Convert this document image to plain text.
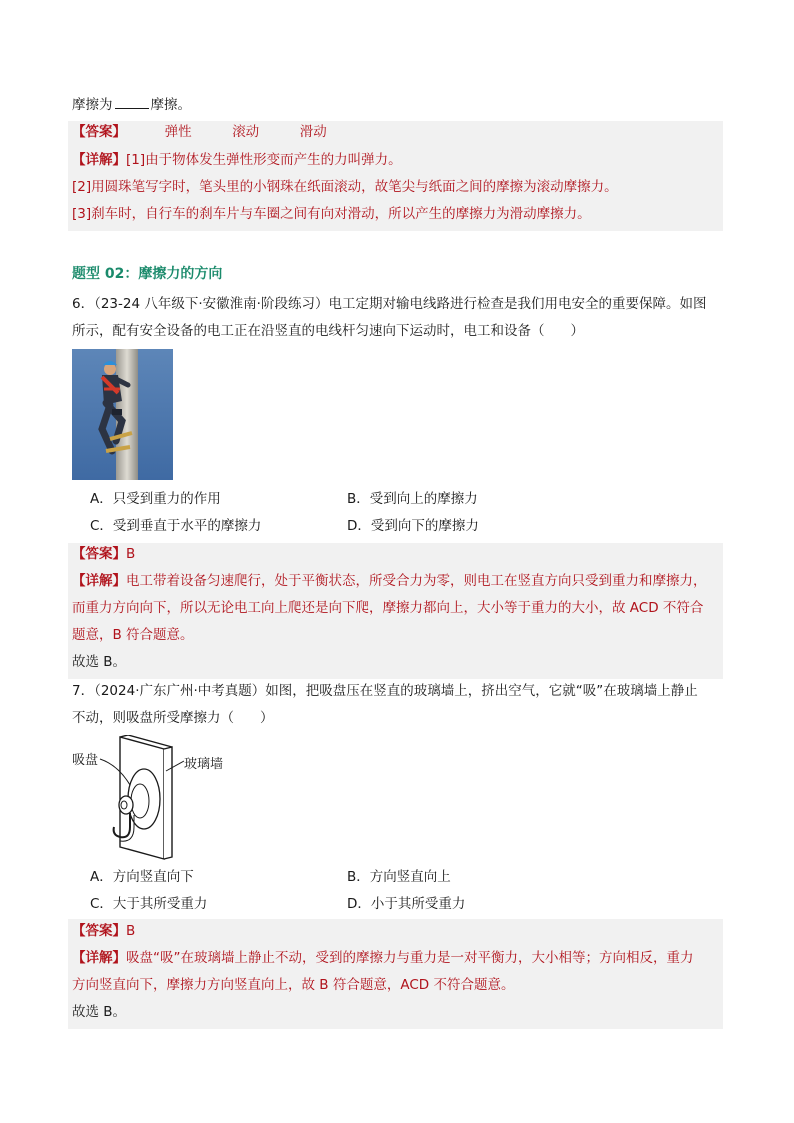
摩擦为	摩擦。
【答案】	弹性	滚动	滑动
【详解】[1]由于物体发生弹性形变而产生的力叫弹力。
[2]用圆珠笔写字时，笔头里的小钢珠在纸面滚动，故笔尖与纸面之间的摩擦为滚动摩擦力。
[3]刹车时，自行车的刹车片与车圈之间有向对滑动，所以产生的摩擦力为滑动摩擦力。
题型 02：摩擦力的方向
6．（23-24 八年级下·安徽淮南·阶段练习）电工定期对输电线路进行检查是我们用电安全的重要保障。如图
所示，配有安全设备的电工正在沿竖直的电线杆匀速向下运动时，电工和设备（ ）
A．只受到重力的作用	B．受到向上的摩擦力
C．受到垂直于水平的摩擦力	D．受到向下的摩擦力
【答案】B
【详解】电工带着设备匀速爬行，处于平衡状态，所受合力为零，则电工在竖直方向只受到重力和摩擦力，
而重力方向向下，所以无论电工向上爬还是向下爬，摩擦力都向上，大小等于重力的大小，故 ACD 不符合
题意，B 符合题意。
故选 B。
7．（2024·广东广州·中考真题）如图，把吸盘压在竖直的玻璃墙上，挤出空气，它就“吸”在玻璃墙上静止
不动，则吸盘所受摩擦力（ ）
吸盘	玻璃墙
A．方向竖直向下	B．方向竖直向上
C．大于其所受重力	D．小于其所受重力
【答案】B
【详解】吸盘“吸”在玻璃墙上静止不动，受到的摩擦力与重力是一对平衡力，大小相等；方向相反，重力
方向竖直向下，摩擦力方向竖直向上，故 B 符合题意，ACD 不符合题意。
故选 B。
